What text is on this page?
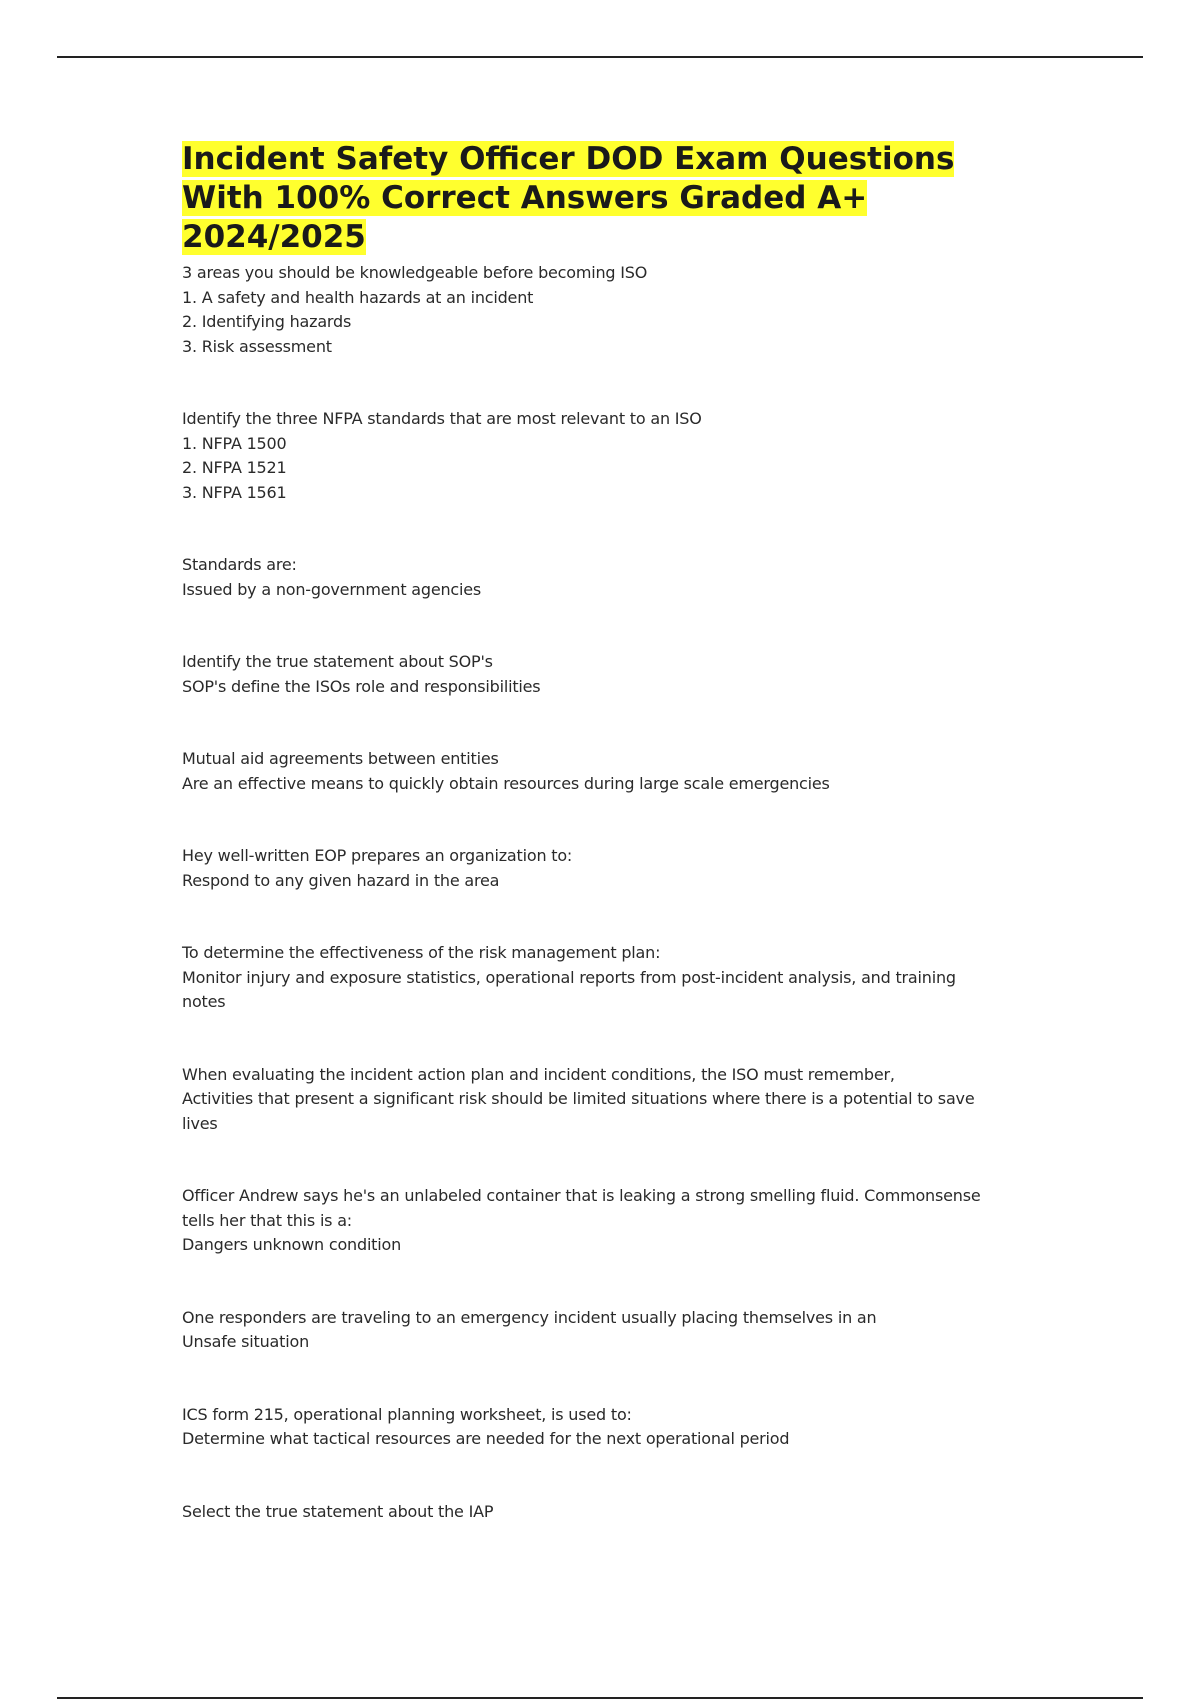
Incident Safety Officer DOD Exam Questions
With 100% Correct Answers Graded A+
2024/2025
3 areas you should be knowledgeable before becoming ISO
1. A safety and health hazards at an incident
2. Identifying hazards
3. Risk assessment
Identify the three NFPA standards that are most relevant to an ISO
1. NFPA 1500
2. NFPA 1521
3. NFPA 1561
Standards are:
Issued by a non-government agencies
Identify the true statement about SOP's
SOP's define the ISOs role and responsibilities
Mutual aid agreements between entities
Are an effective means to quickly obtain resources during large scale emergencies
Hey well-written EOP prepares an organization to:
Respond to any given hazard in the area
To determine the effectiveness of the risk management plan:
Monitor injury and exposure statistics, operational reports from post-incident analysis, and training
notes
When evaluating the incident action plan and incident conditions, the ISO must remember,
Activities that present a significant risk should be limited situations where there is a potential to save
lives
Officer Andrew says he's an unlabeled container that is leaking a strong smelling fluid. Commonsense
tells her that this is a:
Dangers unknown condition
One responders are traveling to an emergency incident usually placing themselves in an
Unsafe situation
ICS form 215, operational planning worksheet, is used to:
Determine what tactical resources are needed for the next operational period
Select the true statement about the IAP
